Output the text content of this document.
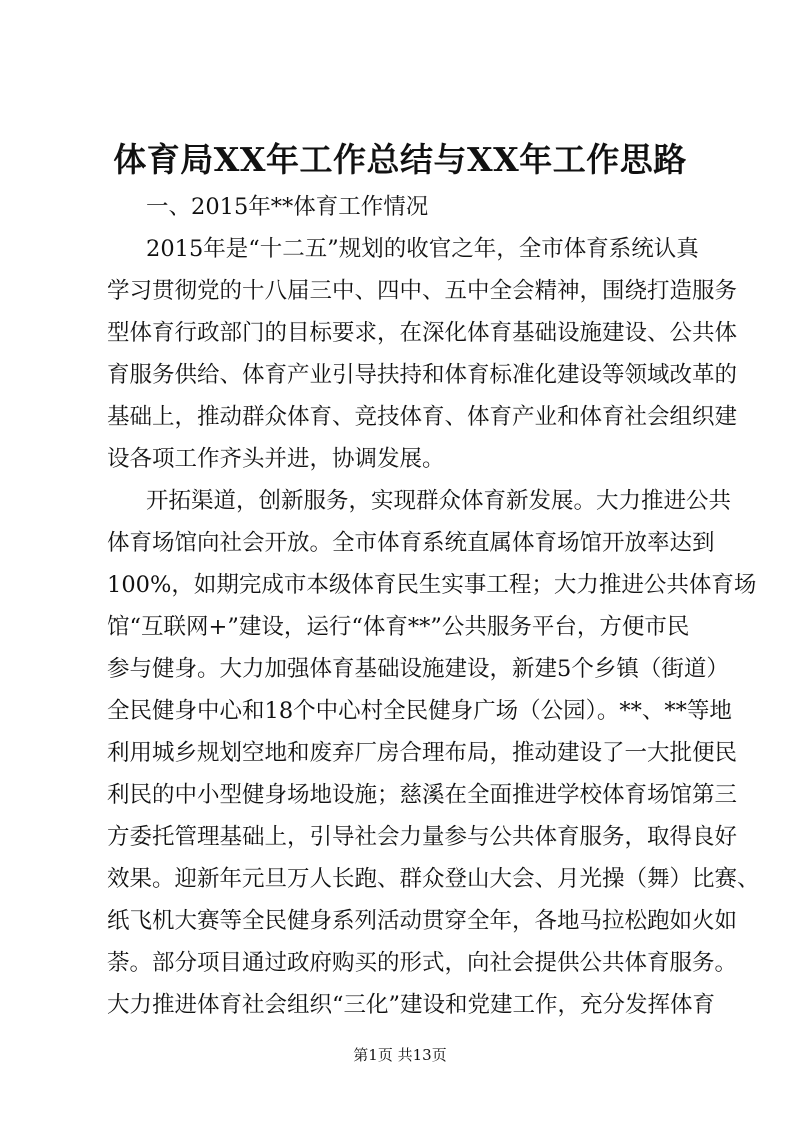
体育局XX年工作总结与XX年工作思路

一、2015年**体育工作情况

2015年是“十二五”规划的收官之年，全市体育系统认真

学习贯彻党的十八届三中、四中、五中全会精神，围绕打造服务

型体育行政部门的目标要求，在深化体育基础设施建设、公共体

育服务供给、体育产业引导扶持和体育标准化建设等领域改革的

基础上，推动群众体育、竞技体育、体育产业和体育社会组织建

设各项工作齐头并进，协调发展。

开拓渠道，创新服务，实现群众体育新发展。大力推进公共

体育场馆向社会开放。全市体育系统直属体育场馆开放率达到

100%，如期完成市本级体育民生实事工程；大力推进公共体育场

馆“互联网+”建设，运行“体育**”公共服务平台，方便市民

参与健身。大力加强体育基础设施建设，新建5个乡镇（街道）

全民健身中心和18个中心村全民健身广场（公园）。**、**等地

利用城乡规划空地和废弃厂房合理布局，推动建设了一大批便民

利民的中小型健身场地设施；慈溪在全面推进学校体育场馆第三

方委托管理基础上，引导社会力量参与公共体育服务，取得良好

效果。迎新年元旦万人长跑、群众登山大会、月光操（舞）比赛、

纸飞机大赛等全民健身系列活动贯穿全年，各地马拉松跑如火如

荼。部分项目通过政府购买的形式，向社会提供公共体育服务。

大力推进体育社会组织“三化”建设和党建工作，充分发挥体育

第1页 共13页
